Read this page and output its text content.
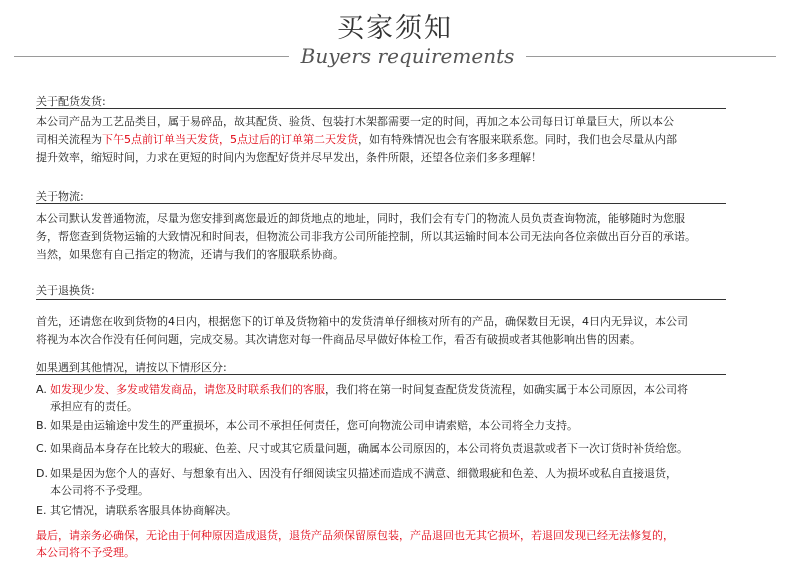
买家须知
Buyers requirements
关于配货发货:
本公司产品为工艺品类目，属于易碎品，故其配货、验货、包装打木架都需要一定的时间，再加之本公司每日订单量巨大，所以本公
司相关流程为下午5点前订单当天发货，5点过后的订单第二天发货，如有特殊情况也会有客服来联系您。同时，我们也会尽量从内部
提升效率，缩短时间，力求在更短的时间内为您配好货并尽早发出，条件所限，还望各位亲们多多理解！
关于物流:
本公司默认发普通物流，尽量为您安排到离您最近的卸货地点的地址，同时，我们会有专门的物流人员负责查询物流，能够随时为您服
务，帮您查到货物运输的大致情况和时间表，但物流公司非我方公司所能控制，所以其运输时间本公司无法向各位亲做出百分百的承诺。
当然，如果您有自己指定的物流，还请与我们的客服联系协商。
关于退换货:
首先，还请您在收到货物的4日内，根据您下的订单及货物箱中的发货清单仔细核对所有的产品，确保数目无误，4日内无异议，本公司
将视为本次合作没有任何问题，完成交易。其次请您对每一件商品尽早做好体检工作，看否有破损或者其他影响出售的因素。
如果遇到其他情况，请按以下情形区分:
A. 如发现少发、多发或错发商品，请您及时联系我们的客服，我们将在第一时间复查配货发货流程，如确实属于本公司原因，本公司将
承担应有的责任。
B. 如果是由运输途中发生的严重损坏，本公司不承担任何责任，您可向物流公司申请索赔，本公司将全力支持。
C. 如果商品本身存在比较大的瑕疵、色差、尺寸或其它质量问题，确属本公司原因的，本公司将负责退款或者下一次订货时补货给您。
D. 如果是因为您个人的喜好、与想象有出入、因没有仔细阅读宝贝描述而造成不满意、细微瑕疵和色差、人为损坏或私自直接退货，
本公司将不予受理。
E. 其它情况，请联系客服具体协商解决。
最后，请亲务必确保，无论由于何种原因造成退货，退货产品须保留原包装，产品退回也无其它损坏，若退回发现已经无法修复的，
本公司将不予受理。
